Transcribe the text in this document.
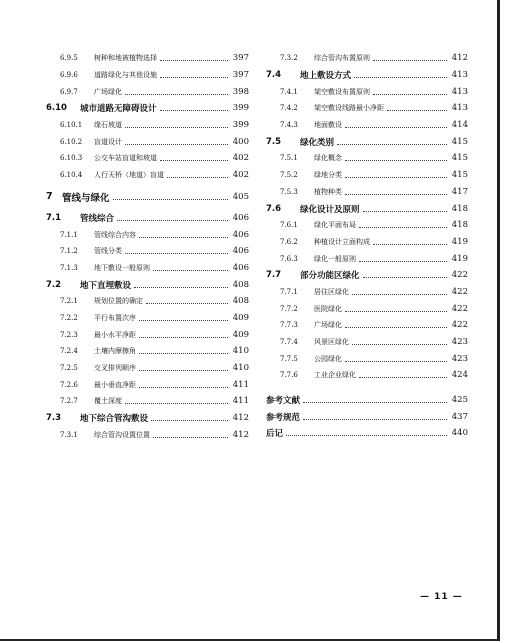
6.9.5	树种和地被植物选择	397
6.9.6	道路绿化与其他设施	397
6.9.7	广场绿化	398
6.10	城市道路无障碍设计	399
6.10.1	缘石坡道	399
6.10.2	盲道设计	400
6.10.3	公交车站盲道和坡道	402
6.10.4	人行天桥（地道）盲道	402
7 管线与绿化	405
7.1	管线综合	406
7.1.1	管线综合内容	406
7.1.2	管线分类	406
7.1.3	地下敷设一般原则	406
7.2	地下直埋敷设	408
7.2.1	规划位置的确定	408
7.2.2	平行布置次序	409
7.2.3	最小水平净距	409
7.2.4	土壤内摩擦角	410
7.2.5	交叉排列顺序	410
7.2.6	最小垂直净距	411
7.2.7	覆土深度	411
7.3	地下综合管沟敷设	412
7.3.1	综合管沟设置位置	412
7.3.2	综合管沟布置原则	412
7.4	地上敷设方式	413
7.4.1	架空敷设布置原则	413
7.4.2	架空敷设线路最小净距	413
7.4.3	地面敷设	414
7.5	绿化类别	415
7.5.1	绿化概念	415
7.5.2	绿地分类	415
7.5.3	植物种类	417
7.6	绿化设计及原则	418
7.6.1	绿化平面布局	418
7.6.2	种植设计立面构成	419
7.6.3	绿化一般原则	419
7.7	部分功能区绿化	422
7.7.1	居住区绿化	422
7.7.2	医院绿化	422
7.7.3	广场绿化	422
7.7.4	风景区绿化	423
7.7.5	公园绿化	423
7.7.6	工业企业绿化	424
参考文献	425
参考规范	437
后记	440
— 11 —
